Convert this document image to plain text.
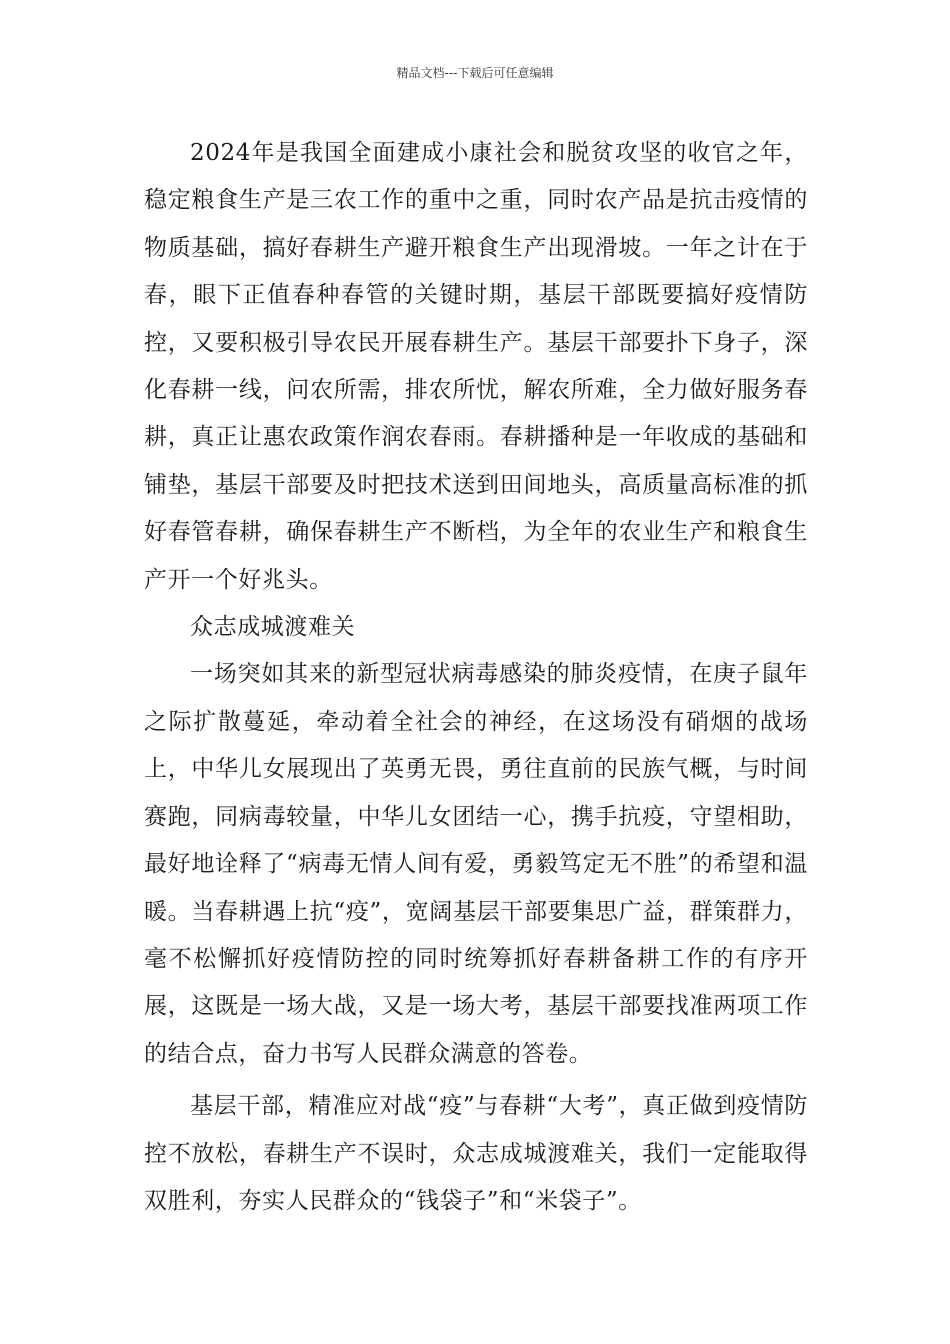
精品文档---下载后可任意编辑

2024年是我国全面建成小康社会和脱贫攻坚的收官之年，稳定粮食生产是三农工作的重中之重，同时农产品是抗击疫情的物质基础，搞好春耕生产避开粮食生产出现滑坡。一年之计在于春，眼下正值春种春管的关键时期，基层干部既要搞好疫情防控，又要积极引导农民开展春耕生产。基层干部要扑下身子，深化春耕一线，问农所需，排农所忧，解农所难，全力做好服务春耕，真正让惠农政策作润农春雨。春耕播种是一年收成的基础和铺垫，基层干部要及时把技术送到田间地头，高质量高标准的抓好春管春耕，确保春耕生产不断档，为全年的农业生产和粮食生产开一个好兆头。

众志成城渡难关

一场突如其来的新型冠状病毒感染的肺炎疫情，在庚子鼠年之际扩散蔓延，牵动着全社会的神经，在这场没有硝烟的战场上，中华儿女展现出了英勇无畏，勇往直前的民族气概，与时间赛跑，同病毒较量，中华儿女团结一心，携手抗疫，守望相助，最好地诠释了“病毒无情人间有爱，勇毅笃定无不胜”的希望和温暖。当春耕遇上抗“疫”，宽阔基层干部要集思广益，群策群力，毫不松懈抓好疫情防控的同时统筹抓好春耕备耕工作的有序开展，这既是一场大战，又是一场大考，基层干部要找准两项工作的结合点，奋力书写人民群众满意的答卷。

基层干部，精准应对战“疫”与春耕“大考”，真正做到疫情防控不放松，春耕生产不误时，众志成城渡难关，我们一定能取得双胜利，夯实人民群众的“钱袋子”和“米袋子”。
